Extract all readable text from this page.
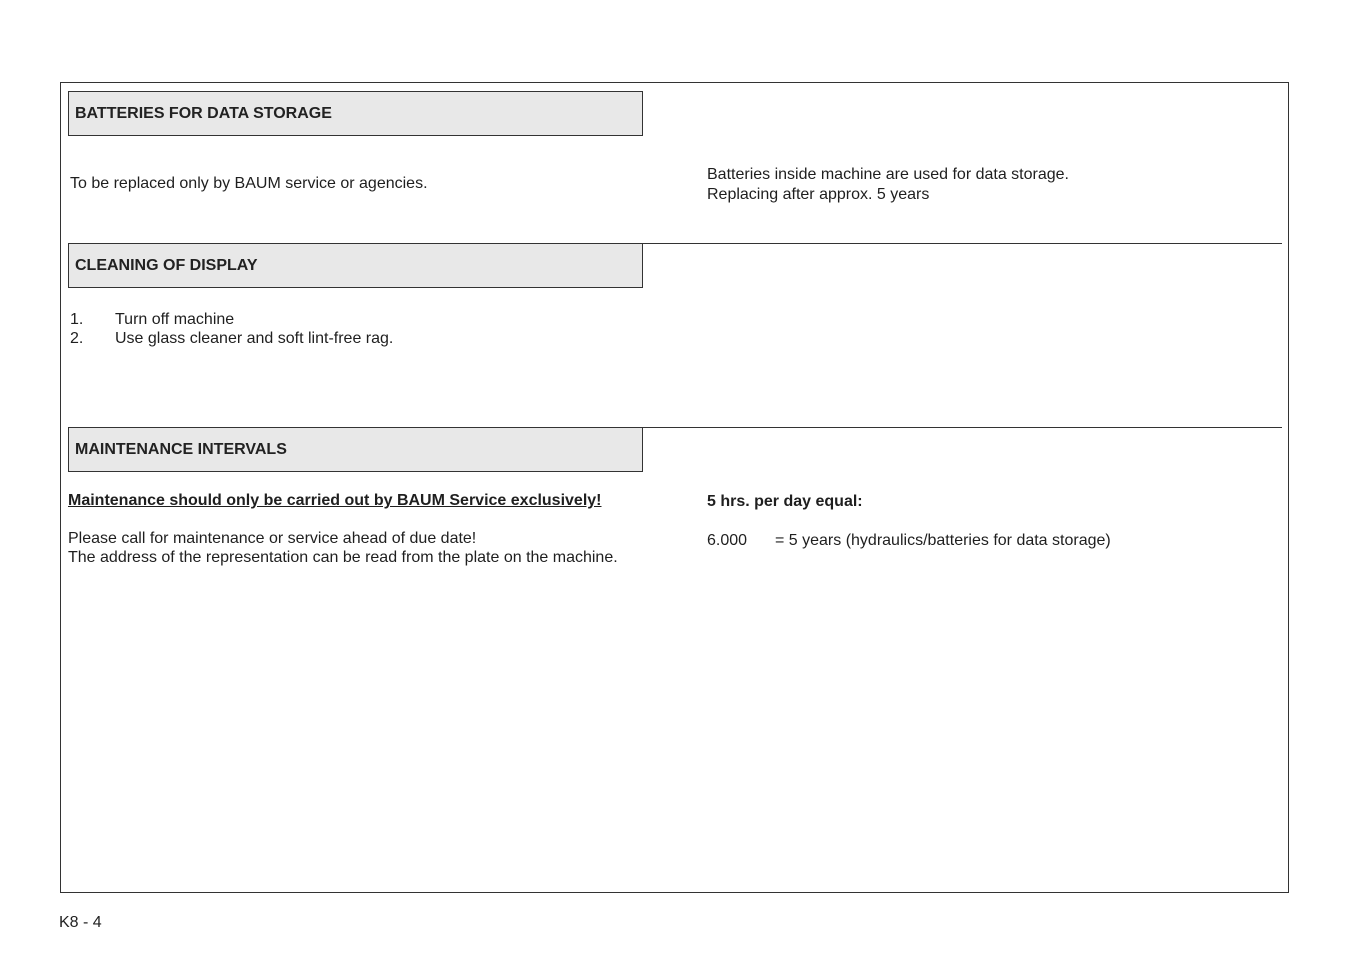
BATTERIES FOR DATA STORAGE
To be replaced only by BAUM service or agencies.
Batteries inside machine are used for data storage.
Replacing after approx. 5 years
CLEANING OF DISPLAY
1. Turn off machine
2. Use glass cleaner and soft lint-free rag.
MAINTENANCE INTERVALS
Maintenance should only be carried out by BAUM Service exclusively!
Please call for maintenance or service ahead of due date!
The address of the representation can be read from the plate on the machine.
5 hrs. per day equal:
6.000 = 5 years (hydraulics/batteries for data storage)
K8 - 4
